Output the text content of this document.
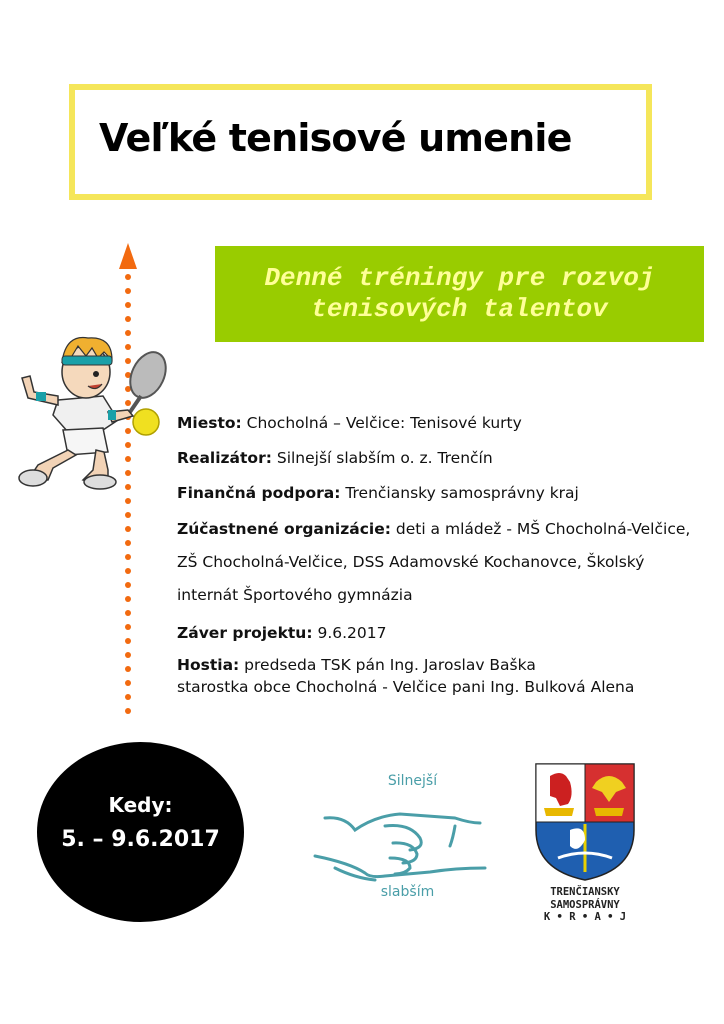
Veľké tenisové umenie
Denné tréningy pre rozvoj
tenisových talentov

Miesto: Chocholná – Velčice: Tenisové kurty

Realizátor: Silnejší slabším o. z. Trenčín

Finančná podpora: Trenčiansky samosprávny kraj

Zúčastnené organizácie: deti a mládež - MŠ Chocholná-Velčice, ZŠ Chocholná-Velčice, DSS Adamovské Kochanovce, Školský internát Športového gymnázia

Záver projektu: 9.6.2017

Hostia: predseda TSK pán Ing. Jaroslav Baška
starostka obce Chocholná - Velčice pani Ing. Bulková Alena

Kedy:
5. – 9.6.2017
Silnejší
slabším	TRENČIANSKY
SAMOSPRÁVNY
K • R • A • J
